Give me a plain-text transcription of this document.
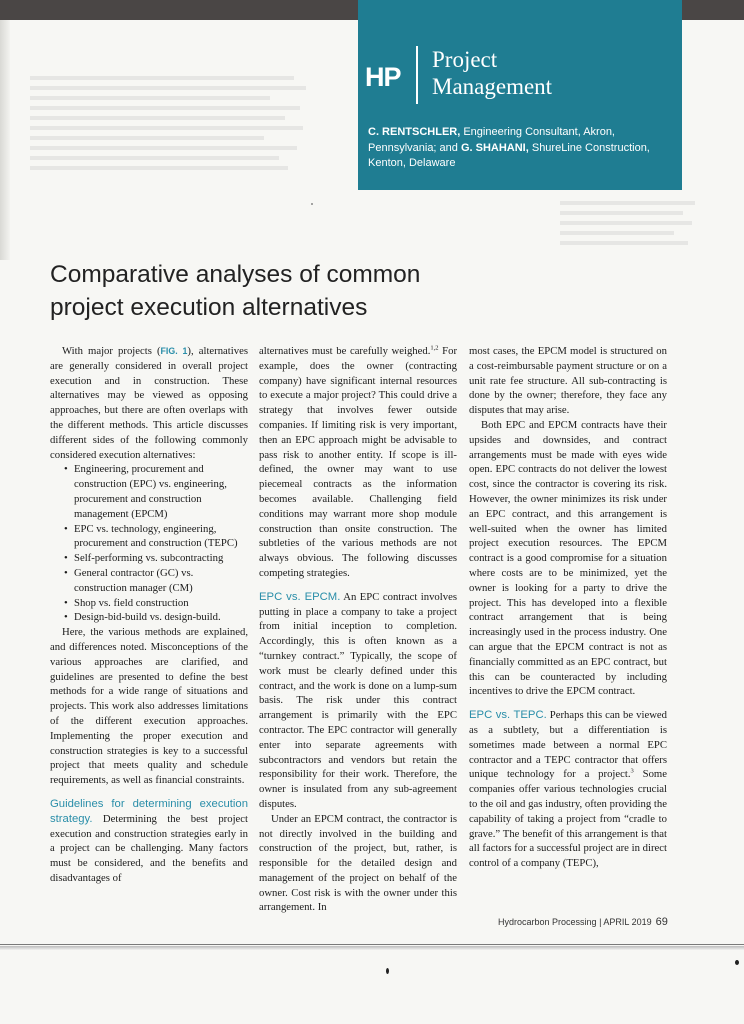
HP
Project
Management
C. RENTSCHLER, Engineering Consultant, Akron, Pennsylvania; and G. SHAHANI, ShureLine Construction, Kenton, Delaware
Comparative analyses of common
project execution alternatives

With major projects (FIG. 1), alternatives are generally considered in overall project execution and in construction. These alternatives may be viewed as opposing approaches, but there are often overlaps with the different methods. This article discusses different sides of the following commonly considered execution alternatives:

• Engineering, procurement and construction (EPC) vs. engineering, procurement and construction management (EPCM)
• EPC vs. technology, engineering, procurement and construction (TEPC)
• Self-performing vs. subcontracting
• General contractor (GC) vs. construction manager (CM)
• Shop vs. field construction
• Design-bid-build vs. design-build.

Here, the various methods are explained, and differences noted. Misconceptions of the various approaches are clarified, and guidelines are presented to define the best methods for a wide range of situations and projects. This work also addresses limitations of the different execution approaches. Implementing the proper execution and construction strategies is key to a successful project that meets quality and schedule requirements, as well as financial constraints.

Guidelines for determining execution strategy. Determining the best project execution and construction strategies early in a project can be challenging. Many factors must be considered, and the benefits and disadvantages of

alternatives must be carefully weighed.$^{1,2}$ For example, does the owner (contracting company) have significant internal resources to execute a major project? This could drive a strategy that involves fewer outside companies. If limiting risk is very important, then an EPC approach might be advisable to pass risk to another entity. If scope is ill-defined, the owner may want to use piecemeal contracts as the information becomes available. Challenging field conditions may warrant more shop module construction than onsite construction. The subtleties of the various methods are not always obvious. The following discusses competing strategies.

EPC vs. EPCM. An EPC contract involves putting in place a company to take a project from initial inception to completion. Accordingly, this is often known as a “turnkey contract.” Typically, the scope of work must be clearly defined under this contract, and the work is done on a lump-sum basis. The risk under this contract arrangement is primarily with the EPC contractor. The EPC contractor will generally enter into separate agreements with subcontractors and vendors but retain the responsibility for their work. Therefore, the owner is insulated from any sub-agreement disputes.

Under an EPCM contract, the contractor is not directly involved in the building and construction of the project, but, rather, is responsible for the detailed design and management of the project on behalf of the owner. Cost risk is with the owner under this arrangement. In

most cases, the EPCM model is structured on a cost-reimbursable payment structure or on a unit rate fee structure. All sub-contracting is done by the owner; therefore, they face any disputes that may arise.

Both EPC and EPCM contracts have their upsides and downsides, and contract arrangements must be made with eyes wide open. EPC contracts do not deliver the lowest cost, since the contractor is covering its risk. However, the owner minimizes its risk under an EPC contract, and this arrangement is well-suited when the owner has limited project execution resources. The EPCM contract is a good compromise for a situation where costs are to be minimized, yet the owner is looking for a party to drive the project. This has developed into a flexible contract arrangement that is being increasingly used in the process industry. One can argue that the EPCM contract is not as financially committed as an EPC contract, but this can be counteracted by including incentives to drive the EPCM contract.

EPC vs. TEPC. Perhaps this can be viewed as a subtlety, but a differentiation is sometimes made between a normal EPC contractor and a TEPC contractor that offers unique technology for a project.$^3$ Some companies offer various technologies crucial to the oil and gas industry, often providing the capability of taking a project from “cradle to grave.” The benefit of this arrangement is that all factors for a successful project are in direct control of a company (TEPC),

Hydrocarbon Processing | APRIL 2019 69
